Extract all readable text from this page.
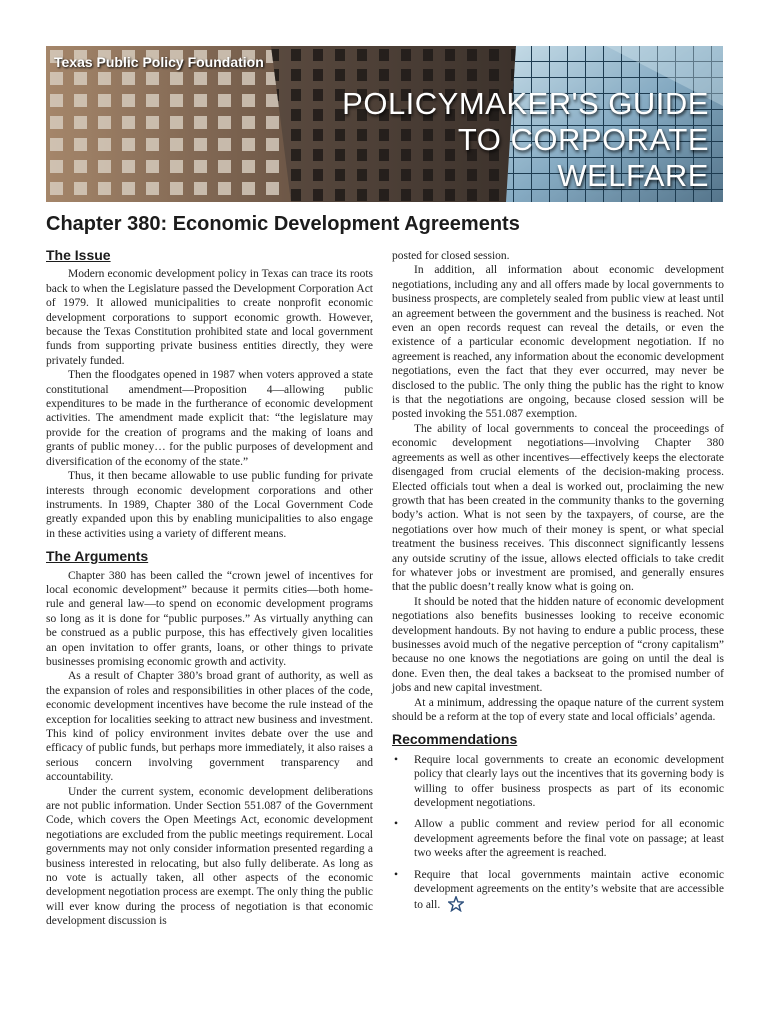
Texas Public Policy Foundation
POLICYMAKER'S GUIDE
TO CORPORATE
WELFARE
Chapter 380: Economic Development Agreements
The Issue

Modern economic development policy in Texas can trace its roots back to when the Legislature passed the Development Corporation Act of 1979. It allowed municipalities to create nonprofit economic development corporations to support economic growth. However, because the Texas Constitution prohibited state and local government funds from supporting private business entities directly, they were privately funded.

Then the floodgates opened in 1987 when voters approved a state constitutional amendment—Proposition 4—allowing public expenditures to be made in the furtherance of economic development activities. The amendment made explicit that: “the legislature may provide for the creation of programs and the making of loans and grants of public money… for the public purposes of development and diversification of the economy of the state.”

Thus, it then became allowable to use public funding for private interests through economic development corporations and other instruments. In 1989, Chapter 380 of the Local Government Code greatly expanded upon this by enabling municipalities to also engage in these activities using a variety of different means.

The Arguments

Chapter 380 has been called the “crown jewel of incentives for local economic development” because it permits cities—both home-rule and general law—to spend on economic development programs so long as it is done for “public purposes.” As virtually anything can be construed as a public purpose, this has effectively given localities an open invitation to offer grants, loans, or other things to private businesses promising economic growth and activity.

As a result of Chapter 380’s broad grant of authority, as well as the expansion of roles and responsibilities in other places of the code, economic development incentives have become the rule instead of the exception for localities seeking to attract new business and investment. This kind of policy environment invites debate over the use and efficacy of public funds, but perhaps more immediately, it also raises a serious concern involving government transparency and accountability.

Under the current system, economic development deliberations are not public information. Under Section 551.087 of the Government Code, which covers the Open Meetings Act, economic development negotiations are excluded from the public meetings requirement. Local governments may not only consider information presented regarding a business interested in relocating, but also fully deliberate. As long as no vote is actually taken, all other aspects of the economic development negotiation process are exempt. The only thing the public will ever know during the process of negotiation is that economic development discussion is

posted for closed session.

In addition, all information about economic development negotiations, including any and all offers made by local governments to business prospects, are completely sealed from public view at least until an agreement between the government and the business is reached. Not even an open records request can reveal the details, or even the existence of a particular economic development negotiation. If no agreement is reached, any information about the economic development negotiations, even the fact that they ever occurred, may never be disclosed to the public. The only thing the public has the right to know is that the negotiations are ongoing, because closed session will be posted invoking the 551.087 exemption.

The ability of local governments to conceal the proceedings of economic development negotiations—involving Chapter 380 agreements as well as other incentives—effectively keeps the electorate disengaged from crucial elements of the decision-making process. Elected officials tout when a deal is worked out, proclaiming the new growth that has been created in the community thanks to the governing body’s action. What is not seen by the taxpayers, of course, are the negotiations over how much of their money is spent, or what special treatment the business receives. This disconnect significantly lessens any outside scrutiny of the issue, allows elected officials to take credit for whatever jobs or investment are promised, and generally ensures that the public doesn’t really know what is going on.

It should be noted that the hidden nature of economic development negotiations also benefits businesses looking to receive economic development handouts. By not having to endure a public process, these businesses avoid much of the negative perception of “crony capitalism” because no one knows the negotiations are going on until the deal is done. Even then, the deal takes a backseat to the promised number of jobs and new capital investment.

At a minimum, addressing the opaque nature of the current system should be a reform at the top of every state and local officials’ agenda.

Recommendations
• Require local governments to create an economic development policy that clearly lays out the incentives that its governing body is willing to offer business prospects as part of its economic development negotiations.
• Allow a public comment and review period for all economic development agreements before the final vote on passage; at least two weeks after the agreement is reached.
• Require that local governments maintain active economic development agreements on the entity’s website that are accessible to all.
